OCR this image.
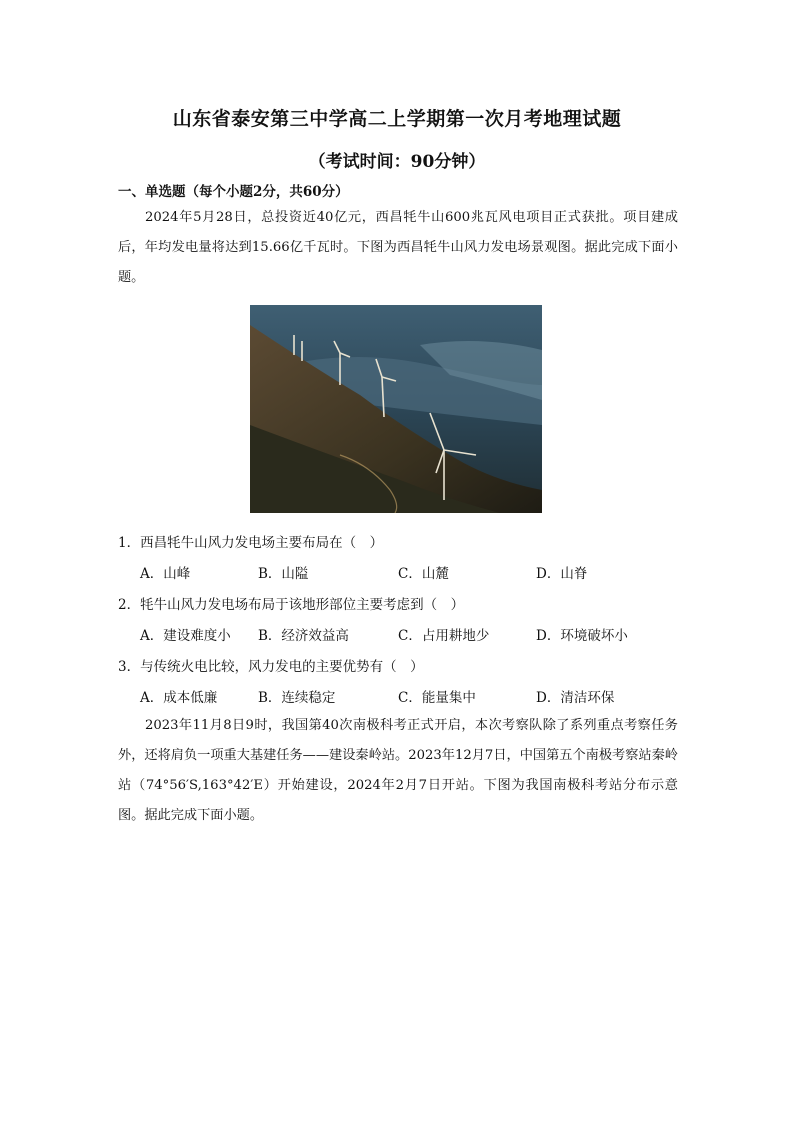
山东省泰安第三中学高二上学期第一次月考地理试题
（考试时间：90分钟）
一、单选题（每个小题2分，共60分）
2024年5月28日，总投资近40亿元，西昌牦牛山600兆瓦风电项目正式获批。项目建成后，年均发电量将达到15.66亿千瓦时。下图为西昌牦牛山风力发电场景观图。据此完成下面小题。
1．西昌牦牛山风力发电场主要布局在（　）
A．山峰	B．山隘	C．山麓	D．山脊
2．牦牛山风力发电场布局于该地形部位主要考虑到（　）
A．建设难度小 B．经济效益高	C．占用耕地少	D．环境破坏小
3．与传统火电比较，风力发电的主要优势有（　）
A．成本低廉	B．连续稳定	C．能量集中	D．清洁环保
2023年11月8日9时，我国第40次南极科考正式开启，本次考察队除了系列重点考察任务外，还将肩负一项重大基建任务——建设秦岭站。2023年12月7日，中国第五个南极考察站秦岭站（74°56′S,163°42′E）开始建设，2024年2月7日开站。下图为我国南极科考站分布示意图。据此完成下面小题。
